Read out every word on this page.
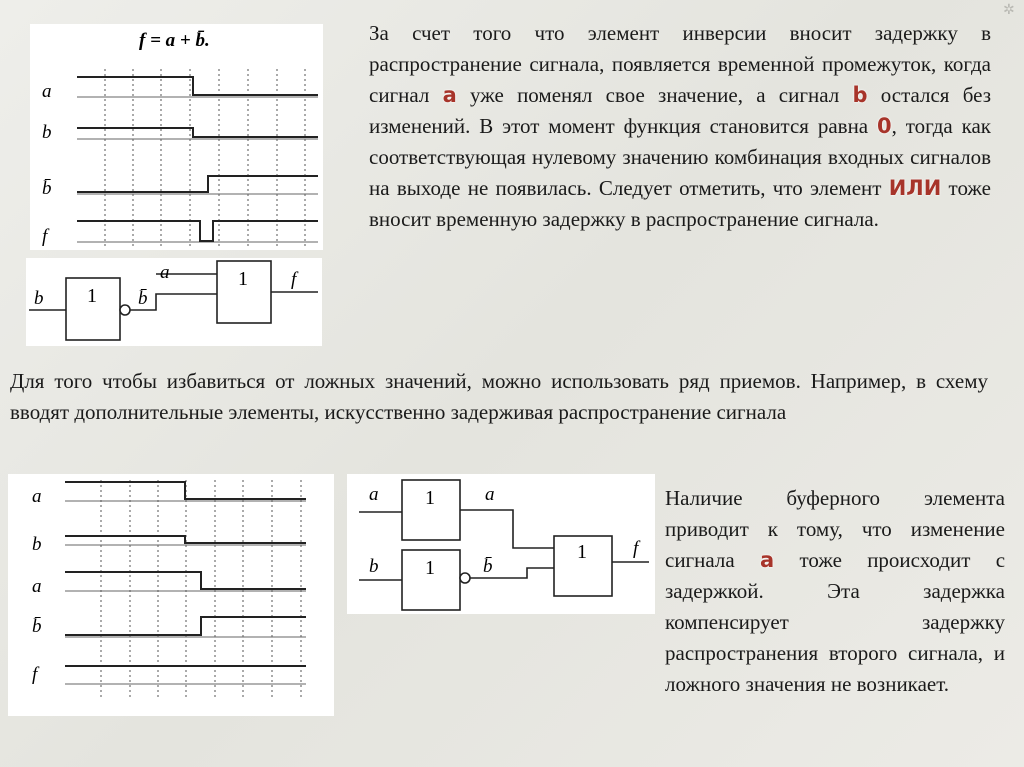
✲
f = a + b̄.
a
b
b̄
f
b 1 b̄
a	1 f

За счет того что элемент инверсии вносит задержку в распространение сигнала, появляется временной промежуток, когда сигнал a уже поменял свое значение, а сигнал b остался без изменений. В этот момент функция становится равна 0, тогда как соответствующая нулевому значению комбинация входных сигналов на выходе не появилась. Следует отметить, что элемент ИЛИ тоже вносит временную задержку в распространение сигнала.

Для того чтобы избавиться от ложных значений, можно использовать ряд приемов. Например, в схему вводят дополнительные элементы, искусственно задерживая распространение сигнала

a
b
a
b̄
f
a 1	a
b 1	b̄
1 f

Наличие буферного элемента приводит к тому, что изменение сигнала a тоже происходит с задержкой. Эта задержка компенсирует задержку распространения второго сигнала, и ложного значения не возникает.
